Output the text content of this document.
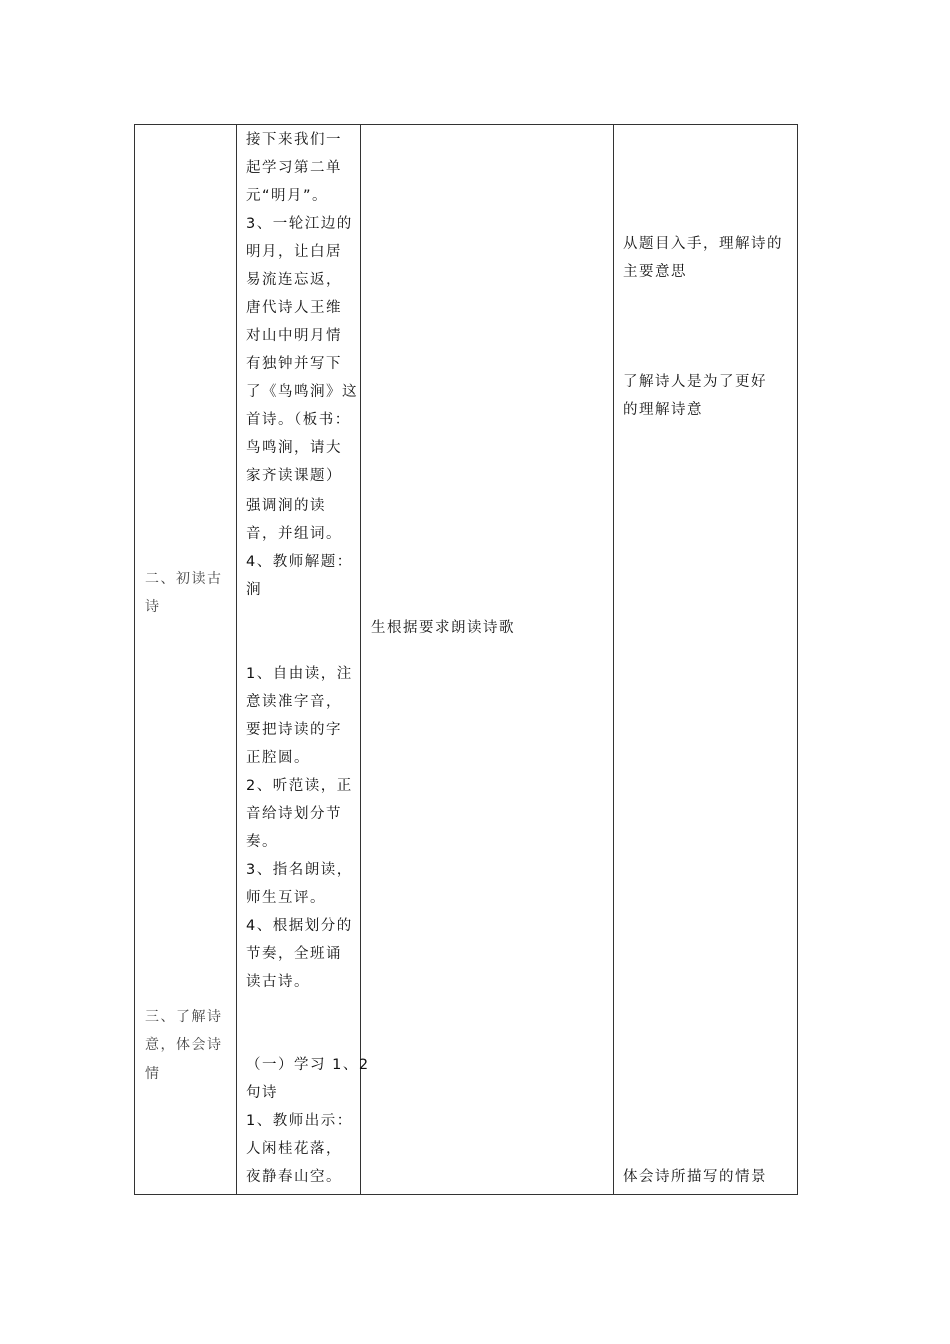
二、初读古
诗
三、了解诗
意，体会诗
情
接下来我们一
起学习第二单
元“明月”。
3、一轮江边的
明月，让白居
易流连忘返，
唐代诗人王维
对山中明月情
有独钟并写下
了《鸟鸣涧》这
首诗。（板书：
鸟鸣涧，请大
家齐读课题）
强调涧的读
音，并组词。
4、教师解题：
涧
1、自由读，注
意读准字音，
要把诗读的字
正腔圆。
2、听范读，正
音给诗划分节
奏。
3、指名朗读，
师生互评。
4、根据划分的
节奏，全班诵
读古诗。
（一）学习 1、2
句诗
1、教师出示：
人闲桂花落，
夜静春山空。
生根据要求朗读诗歌
从题目入手，理解诗的
主要意思
了解诗人是为了更好
的理解诗意
体会诗所描写的情景
